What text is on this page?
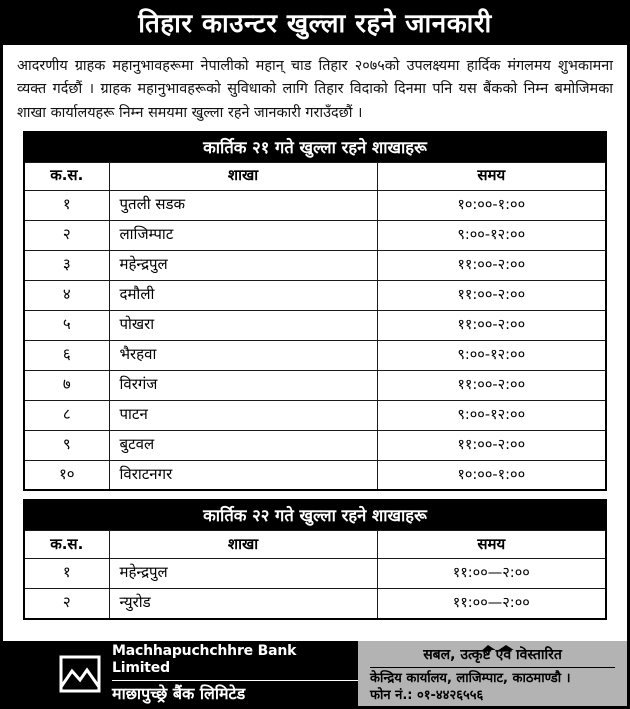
तिहार काउन्टर खुल्ला रहने जानकारी
आदरणीय ग्राहक महानुभावहरूमा नेपालीको महान् चाड तिहार २०७५को उपलक्ष्यमा हार्दिक मंगलमय शुभकामना व्यक्त गर्दछौं । ग्राहक महानुभावहरूको सुविधाको लागि तिहार विदाको दिनमा पनि यस बैंकको निम्न बमोजिमका शाखा कार्यालयहरू निम्न समयमा खुल्ला रहने जानकारी गराउँदछौं ।
कार्तिक २१ गते खुल्ला रहने शाखाहरू		
क.स.	शाखा	समय
१	पुतली सडक	१०:००-१:००
२	लाजिम्पाट	९:००-१२:००
३	महेन्द्रपुल	११:००-२:००
४	दमौली	११:००-२:००
५	पोखरा	११:००-२:००
६	भैरहवा	९:००-१२:००
७	विरगंज	११:००-२:००
८	पाटन	९:००-१२:००
९	बुटवल	११:००-२:००
१०	विराटनगर	१०:००-१:००
कार्तिक २२ गते खुल्ला रहने शाखाहरू		
क.स.	शाखा	समय
१	महेन्द्रपुल	११:००—२:००
२	न्युरोड	११:००—२:००
Machhapuchchhre Bank Limited
माछापुच्छ्रे बैंक लिमिटेड
सबल, उत्कृष्ट एवं विस्तारित
केन्द्रिय कार्यालय, लाजिम्पाट, काठमाण्डौ ।
फोन नं.: ०१-४४२६५५६
